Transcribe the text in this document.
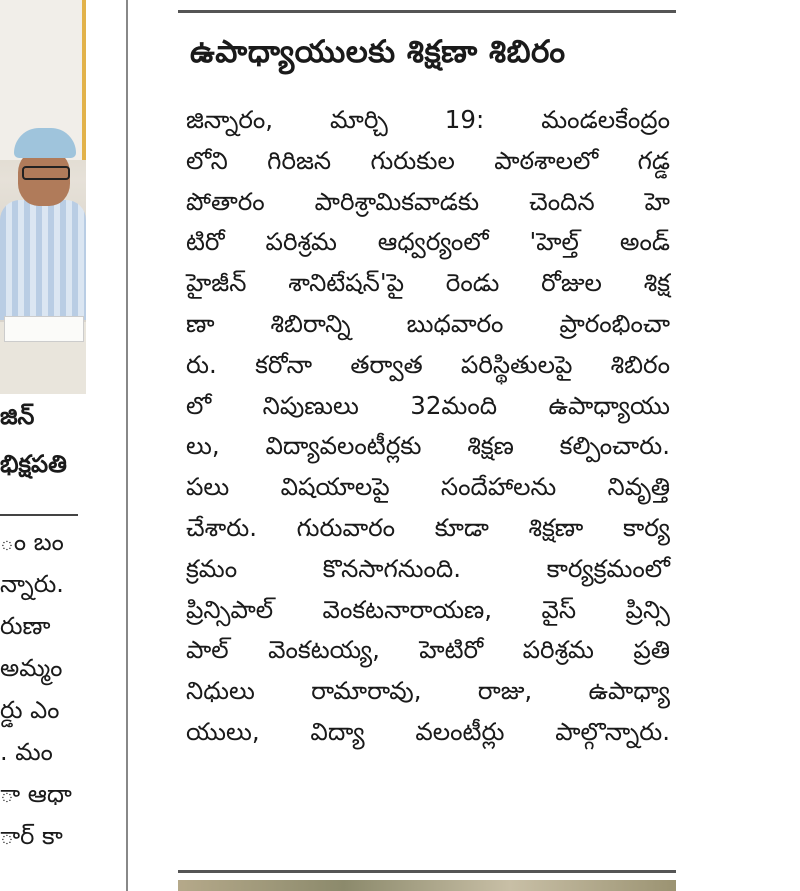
జిన్
భిక్షపతి
ం బం
న్నారు.
రుణా
అమ్మం
ర్డు ఎం
. మం
ా ఆధా
ార్ కా
ఉపాధ్యాయులకు శిక్షణా శిబిరం
జిన్నారం, మార్చి 19: మండలకేంద్రం
లోని గిరిజన గురుకుల పాఠశాలలో గడ్డ
పోతారం పారిశ్రామికవాడకు చెందిన హె
టిరో పరిశ్రమ ఆధ్వర్యంలో 'హెల్త్ అండ్
హైజీన్ శానిటేషన్'పై రెండు రోజుల శిక్ష
ణా శిబిరాన్ని బుధవారం ప్రారంభించా
రు. కరోనా తర్వాత పరిస్థితులపై శిబిరం
లో నిపుణులు 32మంది ఉపాధ్యాయు
లు, విద్యావలంటీర్లకు శిక్షణ కల్పించారు.
పలు విషయాలపై సందేహాలను నివృత్తి
చేశారు. గురువారం కూడా శిక్షణా కార్య
క్రమం కొనసాగనుంది. కార్యక్రమంలో
ప్రిన్సిపాల్ వెంకటనారాయణ, వైస్ ప్రిన్సి
పాల్ వెంకటయ్య, హెటిరో పరిశ్రమ ప్రతి
నిధులు రామారావు, రాజు, ఉపాధ్యా
యులు, విద్యా వలంటీర్లు పాల్గొన్నారు.
